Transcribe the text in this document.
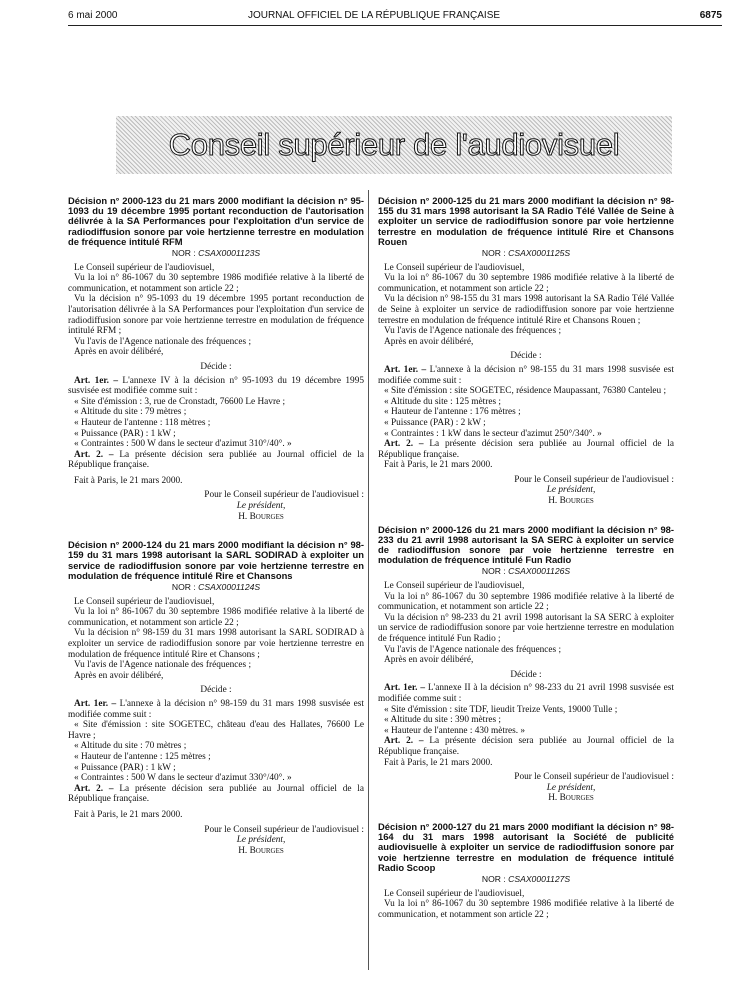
6 mai 2000	JOURNAL OFFICIEL DE LA RÉPUBLIQUE FRANÇAISE	6875
Conseil supérieur de l'audiovisuel

Décision n° 2000-123 du 21 mars 2000 modifiant la décision n° 95-1093 du 19 décembre 1995 portant reconduction de l'autorisation délivrée à la SA Performances pour l'exploitation d'un service de radiodiffusion sonore par voie hertzienne terrestre en modulation de fréquence intitulé RFM

NOR : CSAX0001123S

Le Conseil supérieur de l'audiovisuel,

Vu la loi n° 86-1067 du 30 septembre 1986 modifiée relative à la liberté de communication, et notamment son article 22 ;

Vu la décision n° 95-1093 du 19 décembre 1995 portant reconduction de l'autorisation délivrée à la SA Performances pour l'exploitation d'un service de radiodiffusion sonore par voie hertzienne terrestre en modulation de fréquence intitulé RFM ;

Vu l'avis de l'Agence nationale des fréquences ;

Après en avoir délibéré,

Décide :

Art. 1er. – L'annexe IV à la décision n° 95-1093 du 19 décembre 1995 susvisée est modifiée comme suit :

« Site d'émission : 3, rue de Cronstadt, 76600 Le Havre ;

« Altitude du site : 79 mètres ;

« Hauteur de l'antenne : 118 mètres ;

« Puissance (PAR) : 1 kW ;

« Contraintes : 500 W dans le secteur d'azimut 310°/40°. »

Art. 2. – La présente décision sera publiée au Journal officiel de la République française.

Fait à Paris, le 21 mars 2000.

Pour le Conseil supérieur de l'audiovisuel :

Le président,

H. Bourges

Décision n° 2000-124 du 21 mars 2000 modifiant la décision n° 98-159 du 31 mars 1998 autorisant la SARL SODIRAD à exploiter un service de radiodiffusion sonore par voie hertzienne terrestre en modulation de fréquence intitulé Rire et Chansons

NOR : CSAX0001124S

Le Conseil supérieur de l'audiovisuel,

Vu la loi n° 86-1067 du 30 septembre 1986 modifiée relative à la liberté de communication, et notamment son article 22 ;

Vu la décision n° 98-159 du 31 mars 1998 autorisant la SARL SODIRAD à exploiter un service de radiodiffusion sonore par voie hertzienne terrestre en modulation de fréquence intitulé Rire et Chansons ;

Vu l'avis de l'Agence nationale des fréquences ;

Après en avoir délibéré,

Décide :

Art. 1er. – L'annexe à la décision n° 98-159 du 31 mars 1998 susvisée est modifiée comme suit :

« Site d'émission : site SOGETEC, château d'eau des Hallates, 76600 Le Havre ;

« Altitude du site : 70 mètres ;

« Hauteur de l'antenne : 125 mètres ;

« Puissance (PAR) : 1 kW ;

« Contraintes : 500 W dans le secteur d'azimut 330°/40°. »

Art. 2. – La présente décision sera publiée au Journal officiel de la République française.

Fait à Paris, le 21 mars 2000.

Pour le Conseil supérieur de l'audiovisuel :

Le président,

H. Bourges

Décision n° 2000-125 du 21 mars 2000 modifiant la décision n° 98-155 du 31 mars 1998 autorisant la SA Radio Télé Vallée de Seine à exploiter un service de radiodiffusion sonore par voie hertzienne terrestre en modulation de fréquence intitulé Rire et Chansons Rouen

NOR : CSAX0001125S

Le Conseil supérieur de l'audiovisuel,

Vu la loi n° 86-1067 du 30 septembre 1986 modifiée relative à la liberté de communication, et notamment son article 22 ;

Vu la décision n° 98-155 du 31 mars 1998 autorisant la SA Radio Télé Vallée de Seine à exploiter un service de radiodiffusion sonore par voie hertzienne terrestre en modulation de fréquence intitulé Rire et Chansons Rouen ;

Vu l'avis de l'Agence nationale des fréquences ;

Après en avoir délibéré,

Décide :

Art. 1er. – L'annexe à la décision n° 98-155 du 31 mars 1998 susvisée est modifiée comme suit :

« Site d'émission : site SOGETEC, résidence Maupassant, 76380 Canteleu ;

« Altitude du site : 125 mètres ;

« Hauteur de l'antenne : 176 mètres ;

« Puissance (PAR) : 2 kW ;

« Contraintes : 1 kW dans le secteur d'azimut 250°/340°. »

Art. 2. – La présente décision sera publiée au Journal officiel de la République française.

Fait à Paris, le 21 mars 2000.

Pour le Conseil supérieur de l'audiovisuel :

Le président,

H. Bourges

Décision n° 2000-126 du 21 mars 2000 modifiant la décision n° 98-233 du 21 avril 1998 autorisant la SA SERC à exploiter un service de radiodiffusion sonore par voie hertzienne terrestre en modulation de fréquence intitulé Fun Radio

NOR : CSAX0001126S

Le Conseil supérieur de l'audiovisuel,

Vu la loi n° 86-1067 du 30 septembre 1986 modifiée relative à la liberté de communication, et notamment son article 22 ;

Vu la décision n° 98-233 du 21 avril 1998 autorisant la SA SERC à exploiter un service de radiodiffusion sonore par voie hertzienne terrestre en modulation de fréquence intitulé Fun Radio ;

Vu l'avis de l'Agence nationale des fréquences ;

Après en avoir délibéré,

Décide :

Art. 1er. – L'annexe II à la décision n° 98-233 du 21 avril 1998 susvisée est modifiée comme suit :

« Site d'émission : site TDF, lieudit Treize Vents, 19000 Tulle ;

« Altitude du site : 390 mètres ;

« Hauteur de l'antenne : 430 mètres. »

Art. 2. – La présente décision sera publiée au Journal officiel de la République française.

Fait à Paris, le 21 mars 2000.

Pour le Conseil supérieur de l'audiovisuel :

Le président,

H. Bourges

Décision n° 2000-127 du 21 mars 2000 modifiant la décision n° 98-164 du 31 mars 1998 autorisant la Société de publicité audiovisuelle à exploiter un service de radiodiffusion sonore par voie hertzienne terrestre en modulation de fréquence intitulé Radio Scoop

NOR : CSAX0001127S

Le Conseil supérieur de l'audiovisuel,

Vu la loi n° 86-1067 du 30 septembre 1986 modifiée relative à la liberté de communication, et notamment son article 22 ;
